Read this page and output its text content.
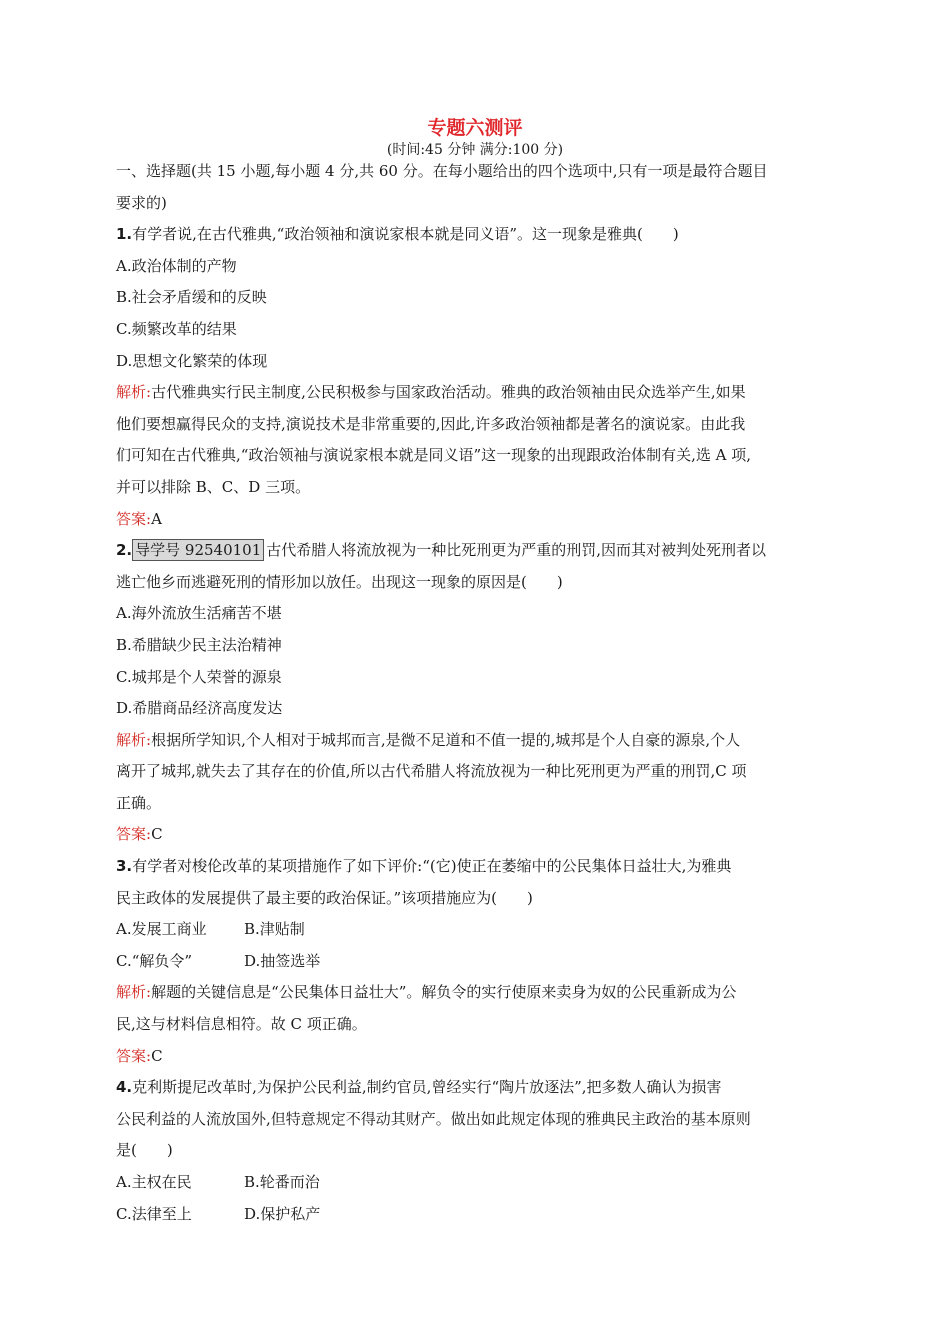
专题六测评
(时间:45 分钟 满分:100 分)
一、选择题(共 15 小题,每小题 4 分,共 60 分。在每小题给出的四个选项中,只有一项是最符合题目
要求的)
1.有学者说,在古代雅典,“政治领袖和演说家根本就是同义语”。这一现象是雅典(　　)
A.政治体制的产物
B.社会矛盾缓和的反映
C.频繁改革的结果
D.思想文化繁荣的体现
解析:古代雅典实行民主制度,公民积极参与国家政治活动。雅典的政治领袖由民众选举产生,如果
他们要想赢得民众的支持,演说技术是非常重要的,因此,许多政治领袖都是著名的演说家。由此我
们可知在古代雅典,“政治领袖与演说家根本就是同义语”这一现象的出现跟政治体制有关,选 A 项,
并可以排除 B、C、D 三项。
答案:A
2. 导学号 92540101 古代希腊人将流放视为一种比死刑更为严重的刑罚,因而其对被判处死刑者以
逃亡他乡而逃避死刑的情形加以放任。出现这一现象的原因是(　　)
A.海外流放生活痛苦不堪
B.希腊缺少民主法治精神
C.城邦是个人荣誉的源泉
D.希腊商品经济高度发达
解析:根据所学知识,个人相对于城邦而言,是微不足道和不值一提的,城邦是个人自豪的源泉,个人
离开了城邦,就失去了其存在的价值,所以古代希腊人将流放视为一种比死刑更为严重的刑罚,C 项
正确。
答案:C
3.有学者对梭伦改革的某项措施作了如下评价:“(它)使正在萎缩中的公民集体日益壮大,为雅典
民主政体的发展提供了最主要的政治保证。”该项措施应为(　　)
A.发展工商业 B.津贴制
C.“解负令”	D.抽签选举
解析:解题的关键信息是“公民集体日益壮大”。解负令的实行使原来卖身为奴的公民重新成为公
民,这与材料信息相符。故 C 项正确。
答案:C
4.克利斯提尼改革时,为保护公民利益,制约官员,曾经实行“陶片放逐法”,把多数人确认为损害
公民利益的人流放国外,但特意规定不得动其财产。做出如此规定体现的雅典民主政治的基本原则
是(　　)
A.主权在民	B.轮番而治
C.法律至上	D.保护私产
